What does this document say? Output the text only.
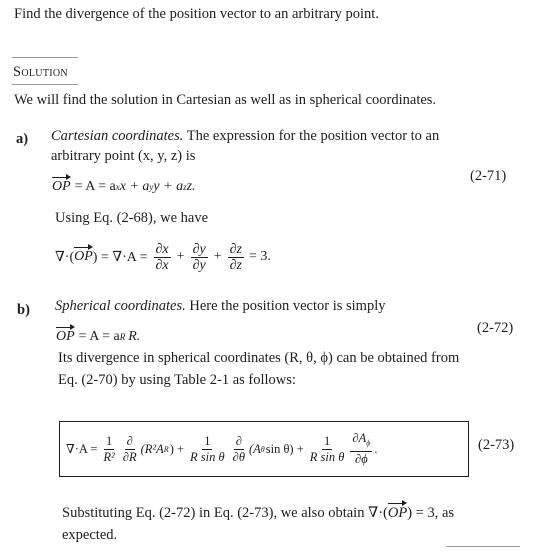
Find the divergence of the position vector to an arbitrary point.
Solution
We will find the solution in Cartesian as well as in spherical coordinates.
a) Cartesian coordinates. The expression for the position vector to an
arbitrary point (x, y, z) is
OP = A = a x x + a y y + a z z.
(2-71)
Using Eq. (2-68), we have
∇·( OP ) = $\nabla\cdot A = \frac{\partial x}{\partial x} + \frac{\partial y}{\partial y} + \frac{\partial z}{\partial z} = 3$.
b) Spherical coordinates. Here the position vector is simply
OP = A = a R R.
(2-72)
Its divergence in spherical coordinates (R, θ, ϕ) can be obtained from
Eq. (2-70) by using Table 2-1 as follows:
$\nabla\cdot A = \frac{1}{\text{R²}} \frac{\partial}{\partial R} (R^2A$ R ) + $\frac{1}{\text{R sin θ}} \frac{\partial}{\partial\theta} (A$ θ $\sin \theta) + \frac{1}{\text{R sin θ}} \frac{\partial A_\phi}{\partial\phi}$ .	(2-73)
Substituting Eq. (2-72) in Eq. (2-73), we also obtain ∇·(OP) = 3, as
expected.
